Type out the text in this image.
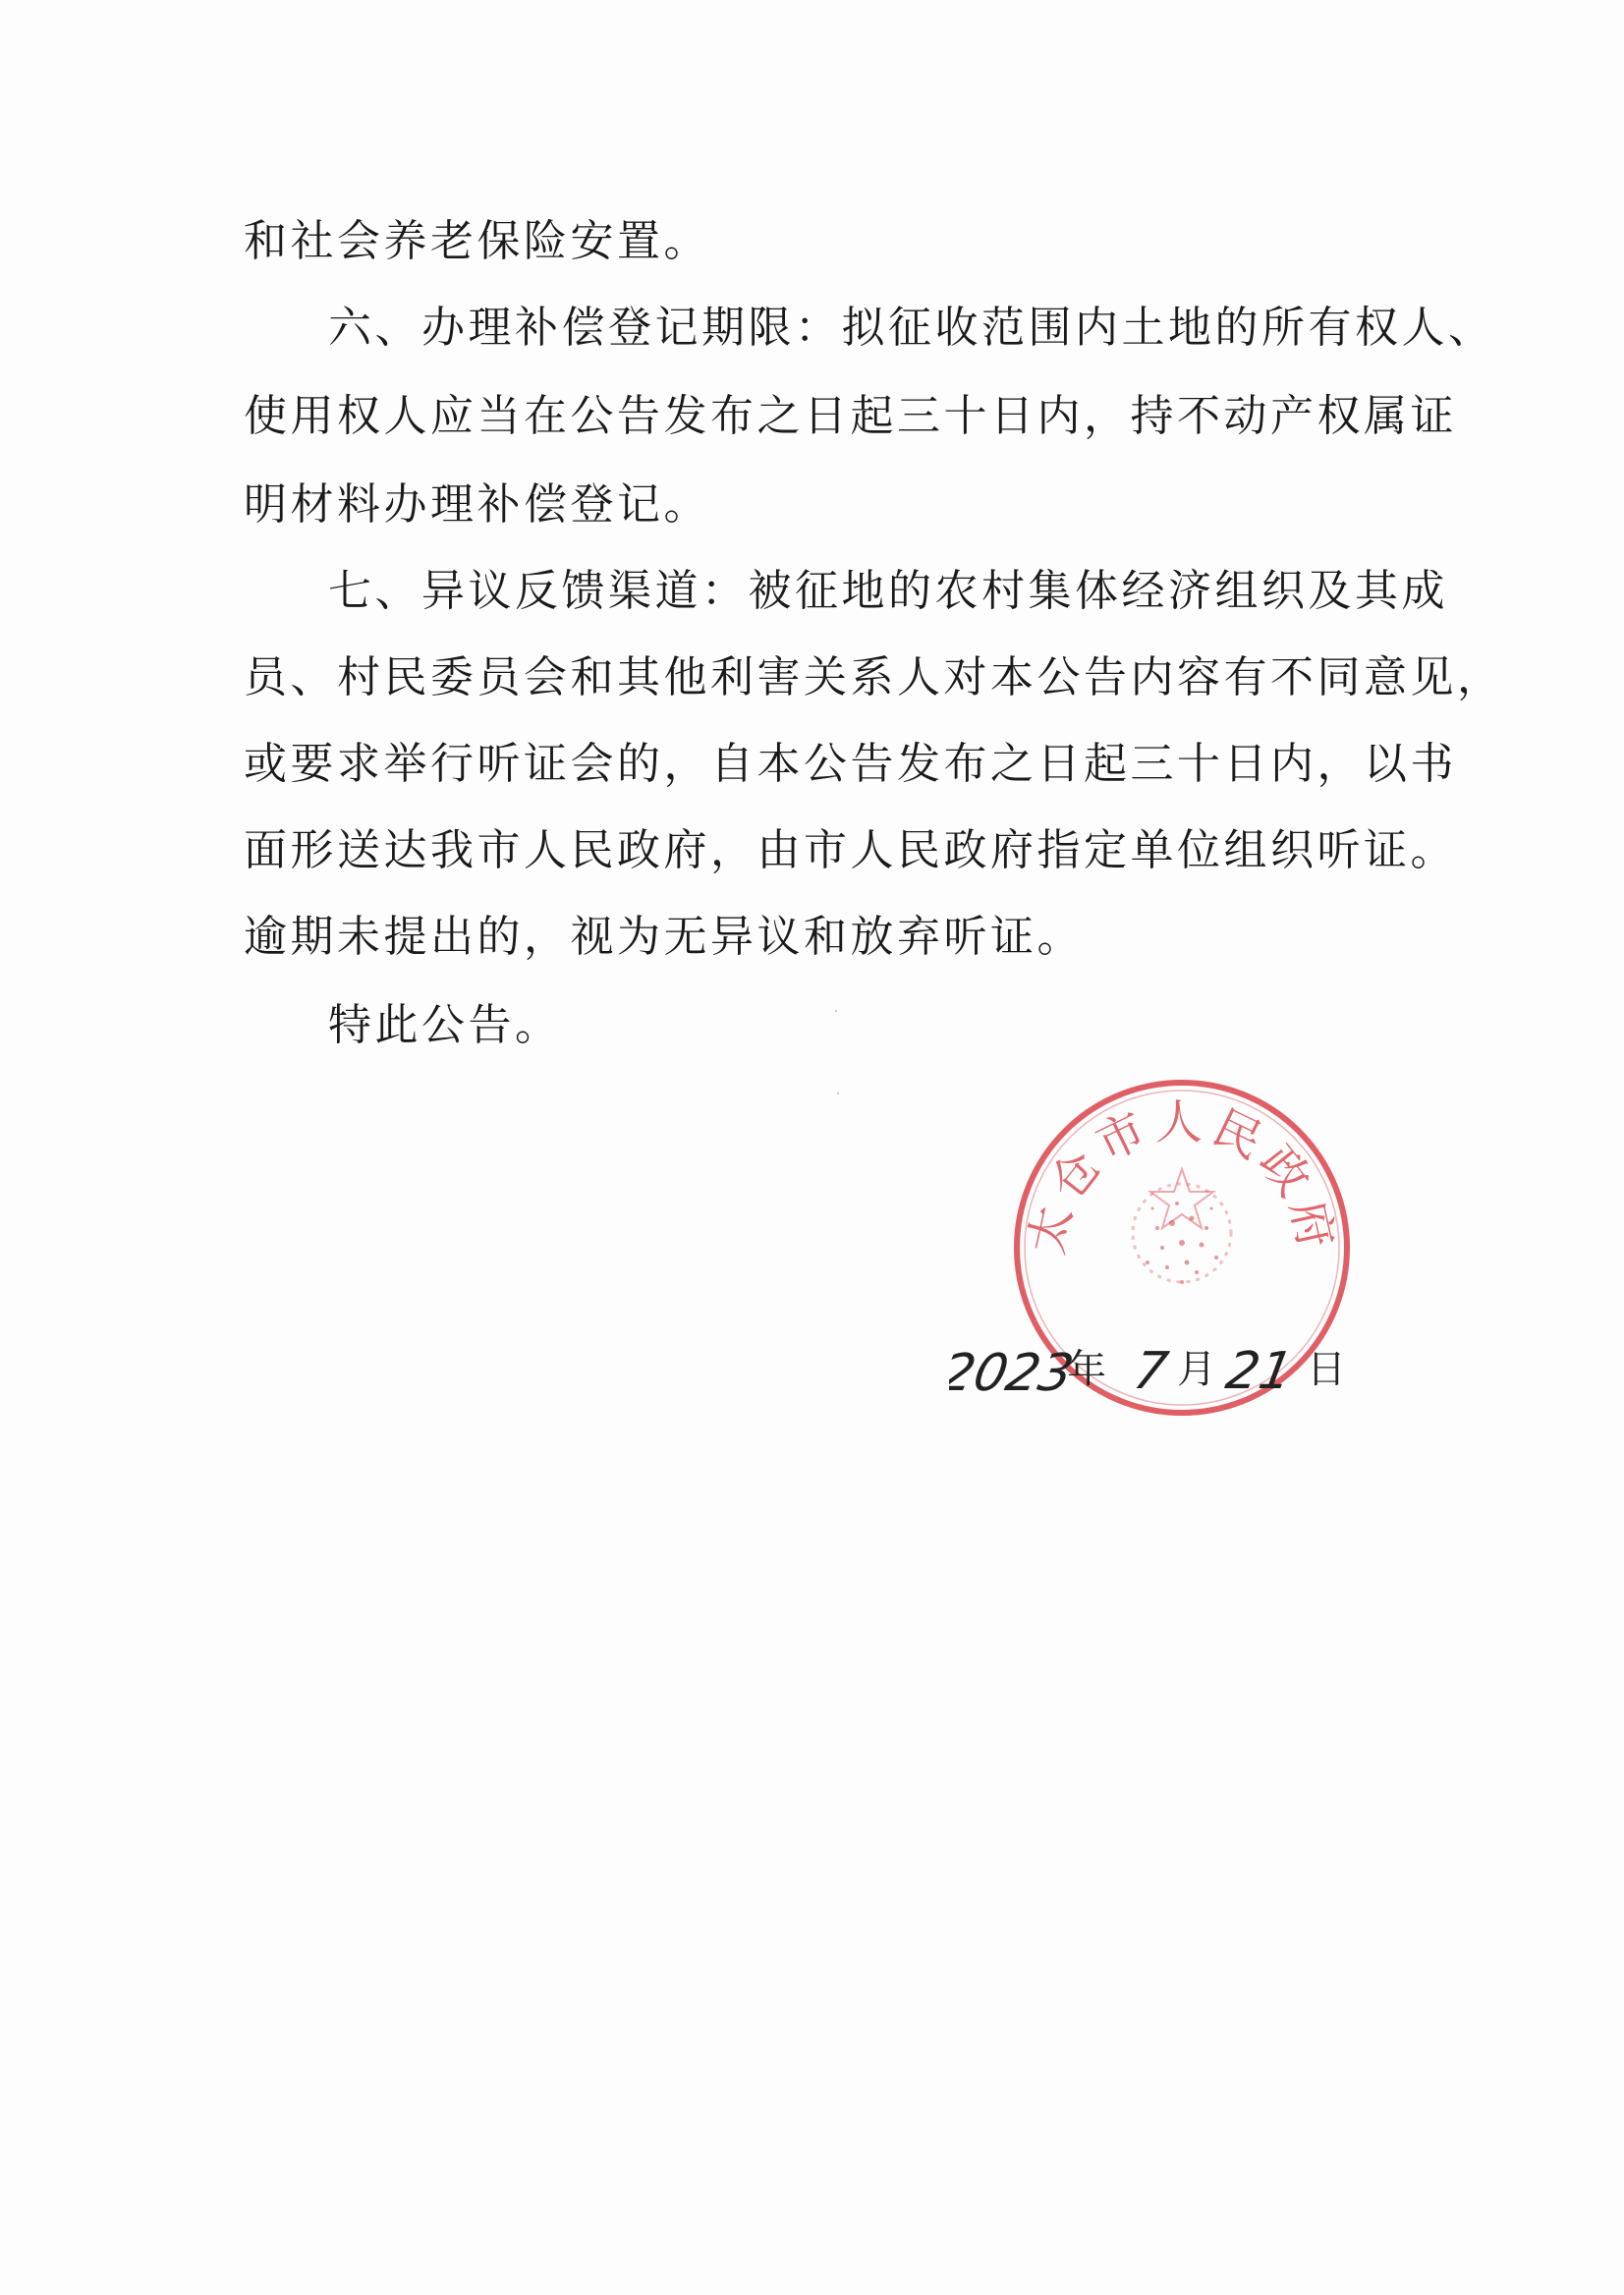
和社会养老保险安置。
六、办理补偿登记期限：拟征收范围内土地的所有权人、
使用权人应当在公告发布之日起三十日内，持不动产权属证
明材料办理补偿登记。
七、异议反馈渠道：被征地的农村集体经济组织及其成
员、村民委员会和其他利害关系人对本公告内容有不同意见，
或要求举行听证会的，自本公告发布之日起三十日内，以书
面形送达我市人民政府，由市人民政府指定单位组织听证。
逾期未提出的，视为无异议和放弃听证。
特此公告。
太仓市人民政府
2023
年 7 月 21 日
